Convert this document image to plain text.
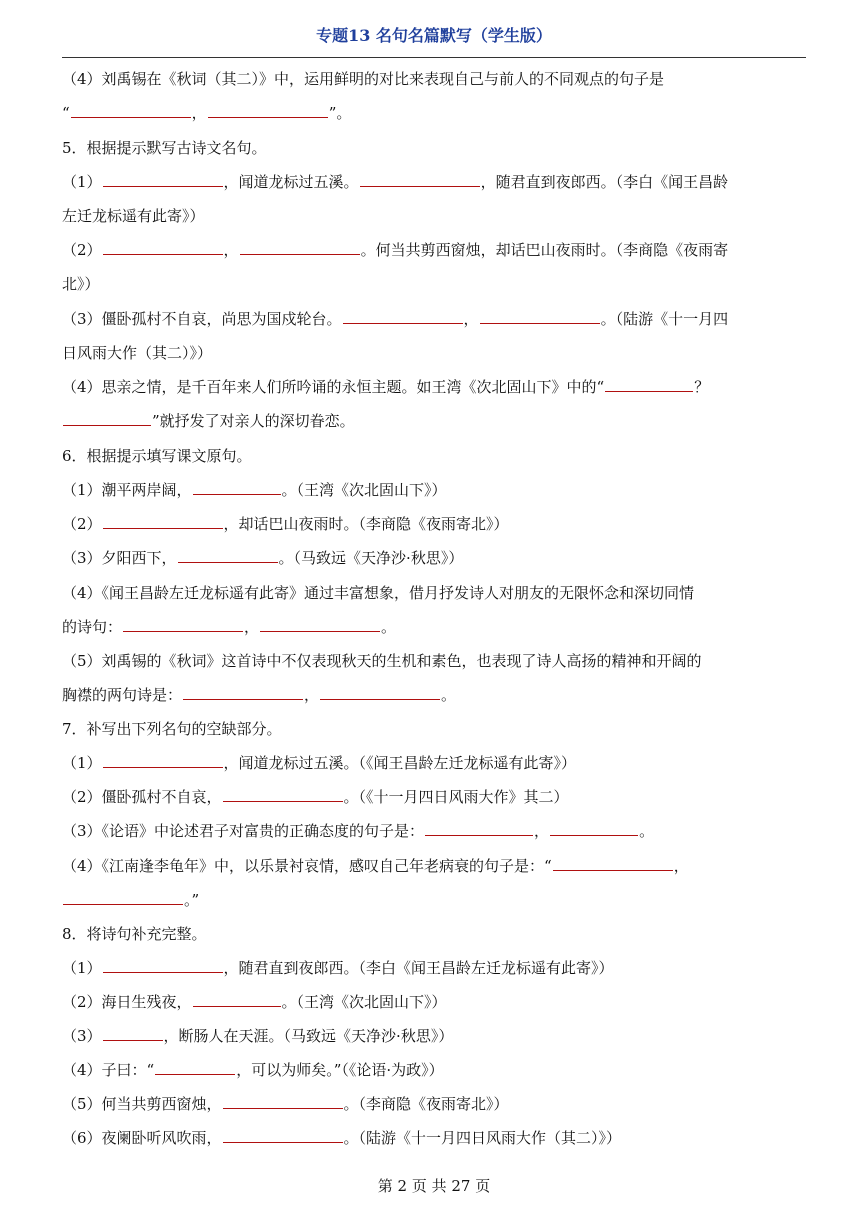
专题13 名句名篇默写（学生版）
（4）刘禹锡在《秋词（其二）》中，运用鲜明的对比来表现自己与前人的不同观点的句子是
“	，	”。
5．根据提示默写古诗文名句。
（1）	，闻道龙标过五溪。	，随君直到夜郎西。（李白《闻王昌龄
左迁龙标遥有此寄》）
（2）	，	。何当共剪西窗烛，却话巴山夜雨时。（李商隐《夜雨寄
北》）
（3）僵卧孤村不自哀，尚思为国戍轮台。	，	。（陆游《十一月四
日风雨大作（其二）》）
（4）思亲之情，是千百年来人们所吟诵的永恒主题。如王湾《次北固山下》中的“	？
”就抒发了对亲人的深切眷恋。
6．根据提示填写课文原句。
（1）潮平两岸阔，	。（王湾《次北固山下》）
（2）	，却话巴山夜雨时。（李商隐《夜雨寄北》）
（3）夕阳西下，	。（马致远《天净沙·秋思》）
（4）《闻王昌龄左迁龙标遥有此寄》通过丰富想象，借月抒发诗人对朋友的无限怀念和深切同情
的诗句：	，	。
（5）刘禹锡的《秋词》这首诗中不仅表现秋天的生机和素色，也表现了诗人高扬的精神和开阔的
胸襟的两句诗是：	，	。
7．补写出下列名句的空缺部分。
（1）	，闻道龙标过五溪。（《闻王昌龄左迁龙标遥有此寄》）
（2）僵卧孤村不自哀，	。（《十一月四日风雨大作》其二）
（3）《论语》中论述君子对富贵的正确态度的句子是：	，	。
（4）《江南逢李龟年》中，以乐景衬哀情，感叹自己年老病衰的句子是：“	，
。”
8．将诗句补充完整。
（1）	，随君直到夜郎西。（李白《闻王昌龄左迁龙标遥有此寄》）
（2）海日生残夜，	。（王湾《次北固山下》）
（3）	，断肠人在天涯。（马致远《天净沙·秋思》）
（4）子曰：“	，可以为师矣。”（《论语·为政》）
（5）何当共剪西窗烛，	。（李商隐《夜雨寄北》）
（6）夜阑卧听风吹雨，	。（陆游《十一月四日风雨大作（其二）》）
第 2 页 共 27 页
